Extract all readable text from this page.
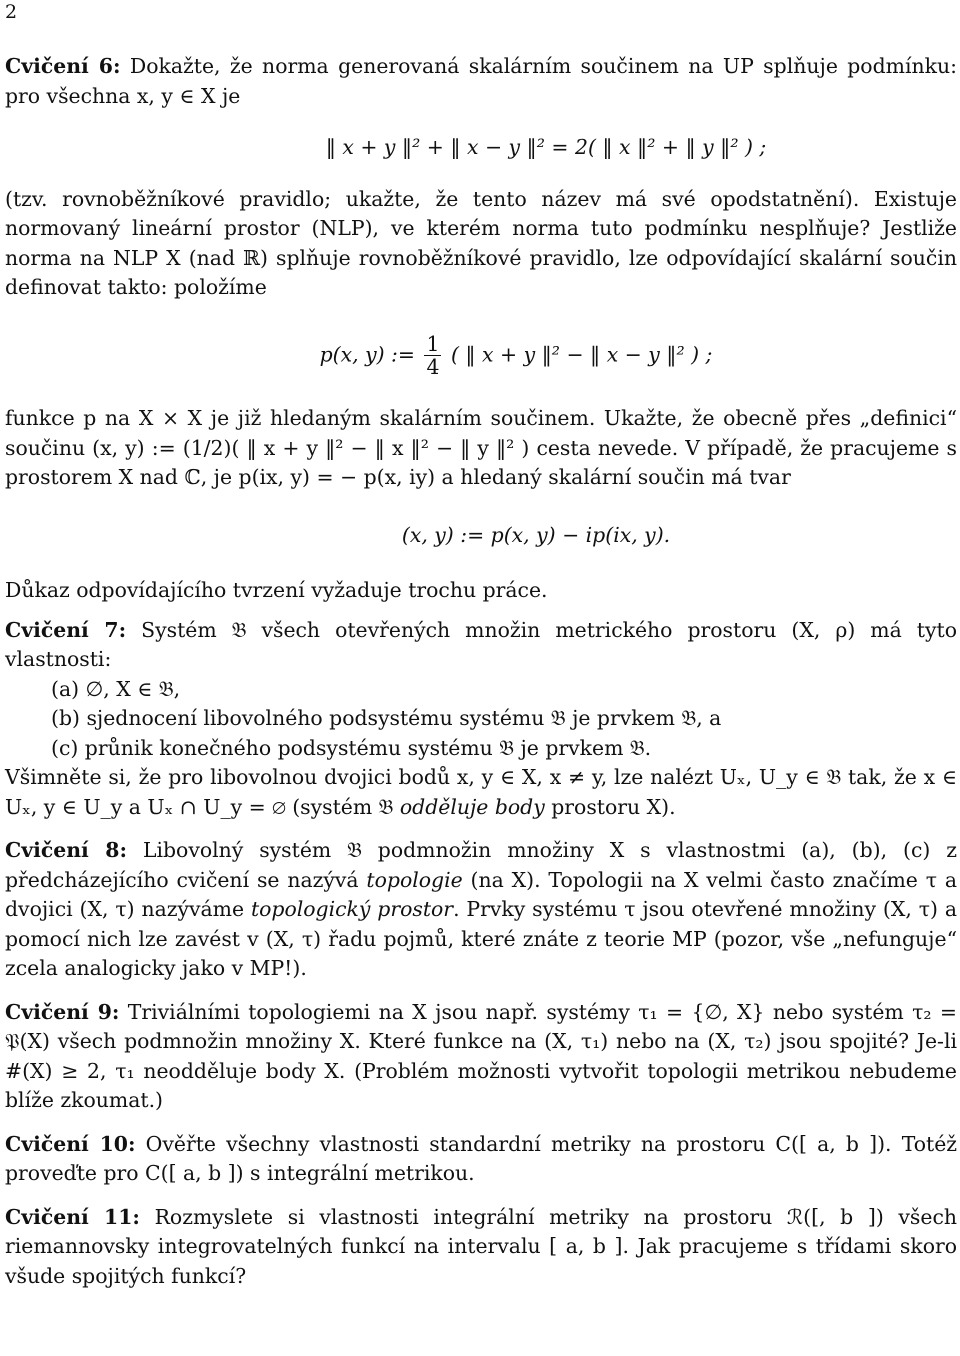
2

Cvičení 6: Dokažte, že norma generovaná skalárním součinem na UP splňuje podmínku: pro všechna x, y ∈ X je

‖ x + y ‖² + ‖ x − y ‖² = 2( ‖ x ‖² + ‖ y ‖² ) ;

(tzv. rovnoběžníkové pravidlo; ukažte, že tento název má své opodstatnění). Existuje normovaný lineární prostor (NLP), ve kterém norma tuto podmínku nesplňuje? Jestliže norma na NLP X (nad ℝ) splňuje rovnoběžníkové pravidlo, lze odpovídající skalární součin definovat takto: položíme

p(x, y) := $\frac{1}{4}$ ( ‖ x + y ‖² − ‖ x − y ‖² ) ;

funkce p na X × X je již hledaným skalárním součinem. Ukažte, že obecně přes „definici“ součinu (x, y) := (1/2)( ‖ x + y ‖² − ‖ x ‖² − ‖ y ‖² ) cesta nevede. V případě, že pracujeme s prostorem X nad ℂ, je p(ix, y) = − p(x, iy) a hledaný skalární součin má tvar

(x, y) := p(x, y) − ip(ix, y).

Důkaz odpovídajícího tvrzení vyžaduje trochu práce.

Cvičení 7: Systém 𝔅 všech otevřených množin metrického prostoru (X, ρ) má tyto vlastnosti:

(a) ∅, X ∈ 𝔅,

(b) sjednocení libovolného podsystému systému 𝔅 je prvkem 𝔅, a

(c) průnik konečného podsystému systému 𝔅 je prvkem 𝔅.

Všimněte si, že pro libovolnou dvojici bodů x, y ∈ X, x ≠ y, lze nalézt Uₓ, U_y ∈ 𝔅 tak, že x ∈ Uₓ, y ∈ U_y a Uₓ ∩ U_y = ∅ (systém 𝔅 odděluje body prostoru X).

Cvičení 8: Libovolný systém 𝔅 podmnožin množiny X s vlastnostmi (a), (b), (c) z předcházejícího cvičení se nazývá topologie (na X). Topologii na X velmi často značíme τ a dvojici (X, τ) nazýváme topologický prostor. Prvky systému τ jsou otevřené množiny (X, τ) a pomocí nich lze zavést v (X, τ) řadu pojmů, které znáte z teorie MP (pozor, vše „nefunguje“ zcela analogicky jako v MP!).

Cvičení 9: Triviálními topologiemi na X jsou např. systémy τ₁ = {∅, X} nebo systém τ₂ = 𝔓(X) všech podmnožin množiny X. Které funkce na (X, τ₁) nebo na (X, τ₂) jsou spojité? Je-li #(X) ≥ 2, τ₁ neodděluje body X. (Problém možnosti vytvořit topologii metrikou nebudeme blíže zkoumat.)

Cvičení 10: Ověřte všechny vlastnosti standardní metriky na prostoru C([ a, b ]). Totéž proveďte pro C([ a, b ]) s integrální metrikou.

Cvičení 11: Rozmyslete si vlastnosti integrální metriky na prostoru ℛ([, b ]) všech riemannovsky integrovatelných funkcí na intervalu [ a, b ]. Jak pracujeme s třídami skoro všude spojitých funkcí?
